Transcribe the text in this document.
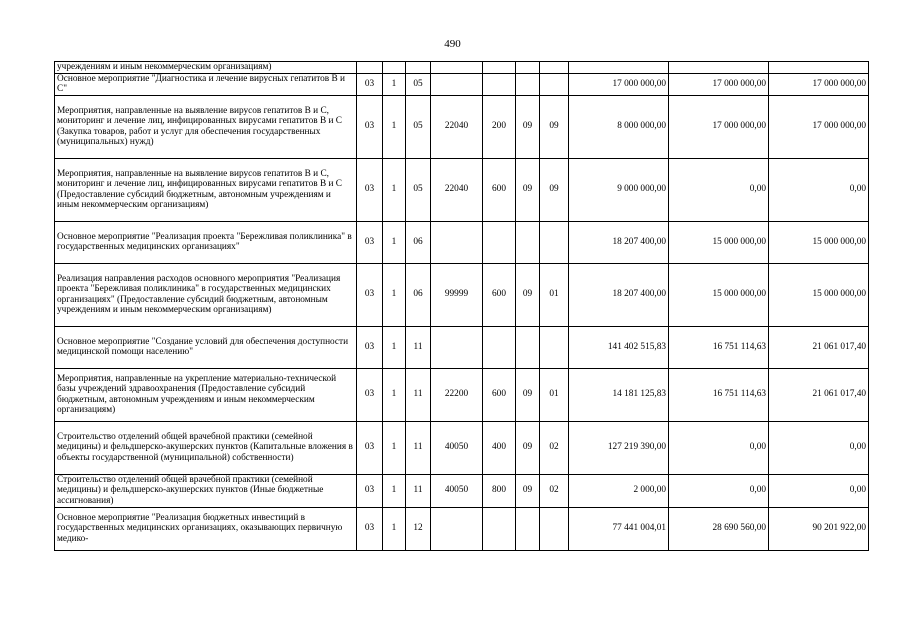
490
учреждениям и иным некоммерческим организациям)										
Основное мероприятие "Диагностика и лечение вирусных гепатитов В и С"	03	1	05					17 000 000,00	17 000 000,00	17 000 000,00
Мероприятия, направленные на выявление вирусов гепатитов В и С, мониторинг и лечение лиц, инфицированных вирусами гепатитов В и С (Закупка товаров, работ и услуг для обеспечения государственных (муниципальных) нужд)	03	1	05	22040	200	09	09	8 000 000,00	17 000 000,00	17 000 000,00
Мероприятия, направленные на выявление вирусов гепатитов В и С, мониторинг и лечение лиц, инфицированных вирусами гепатитов В и С (Предоставление субсидий бюджетным, автономным учреждениям и иным некоммерческим организациям)	03	1	05	22040	600	09	09	9 000 000,00	0,00	0,00
Основное мероприятие "Реализация проекта "Бережливая поликлиника" в государственных медицинских организациях"	03	1	06					18 207 400,00	15 000 000,00	15 000 000,00
Реализация направления расходов основного мероприятия "Реализация проекта "Бережливая поликлиника" в государственных медицинских организациях" (Предоставление субсидий бюджетным, автономным учреждениям и иным некоммерческим организациям)	03	1	06	99999	600	09	01	18 207 400,00	15 000 000,00	15 000 000,00
Основное мероприятие "Создание условий для обеспечения доступности медицинской помощи населению"	03	1	11					141 402 515,83	16 751 114,63	21 061 017,40
Мероприятия, направленные на укрепление материально-технической базы учреждений здравоохранения (Предоставление субсидий бюджетным, автономным учреждениям и иным некоммерческим организациям)	03	1	11	22200	600	09	01	14 181 125,83	16 751 114,63	21 061 017,40
Строительство отделений общей врачебной практики (семейной медицины) и фельдшерско-акушерских пунктов (Капитальные вложения в объекты государственной (муниципальной) собственности)	03	1	11	40050	400	09	02	127 219 390,00	0,00	0,00
Строительство отделений общей врачебной практики (семейной медицины) и фельдшерско-акушерских пунктов (Иные бюджетные ассигнования)	03	1	11	40050	800	09	02	2 000,00	0,00	0,00
Основное мероприятие "Реализация бюджетных инвестиций в государственных медицинских организациях, оказывающих первичную медико-	03	1	12					77 441 004,01	28 690 560,00	90 201 922,00
